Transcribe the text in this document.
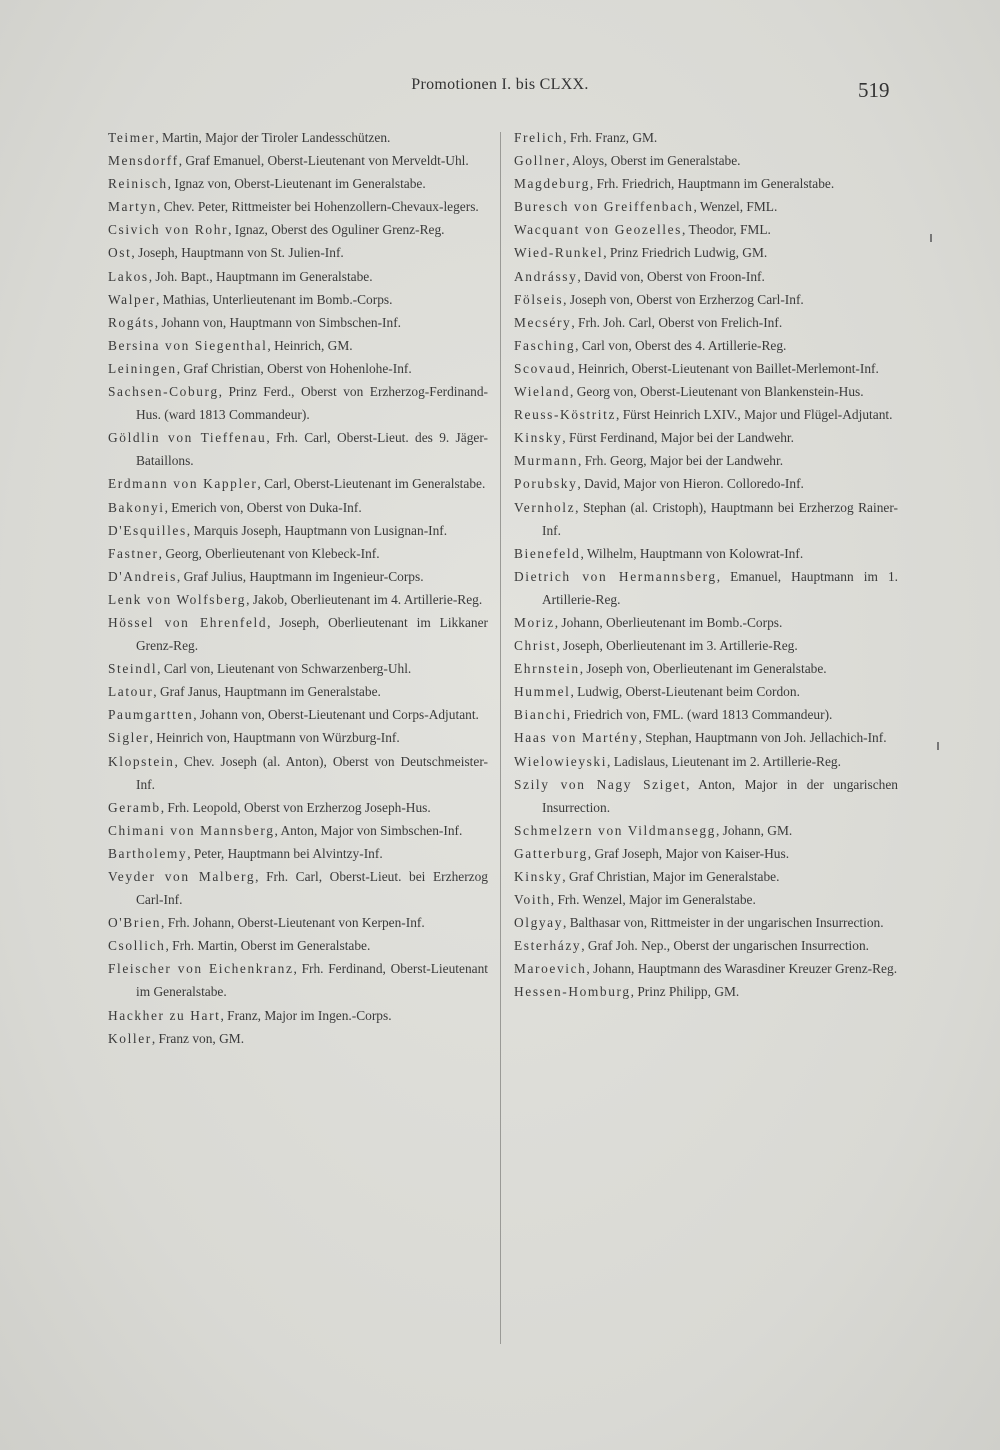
Promotionen I. bis CLXX.	519
Teimer, Martin, Major der Tiroler Landesschützen.
Mensdorff, Graf Emanuel, Oberst-Lieutenant von Merveldt-Uhl.
Reinisch, Ignaz von, Oberst-Lieutenant im Generalstabe.
Martyn, Chev. Peter, Rittmeister bei Hohenzollern-Chevaux-legers.
Csivich von Rohr, Ignaz, Oberst des Oguliner Grenz-Reg.
Ost, Joseph, Hauptmann von St. Julien-Inf.
Lakos, Joh. Bapt., Hauptmann im Generalstabe.
Walper, Mathias, Unterlieutenant im Bomb.-Corps.
Rogáts, Johann von, Hauptmann von Simbschen-Inf.
Bersina von Siegenthal, Heinrich, GM.
Leiningen, Graf Christian, Oberst von Hohenlohe-Inf.
Sachsen-Coburg, Prinz Ferd., Oberst von Erzherzog-Ferdinand-Hus. (ward 1813 Commandeur).
Göldlin von Tieffenau, Frh. Carl, Oberst-Lieut. des 9. Jäger-Bataillons.
Erdmann von Kappler, Carl, Oberst-Lieutenant im Generalstabe.
Bakonyi, Emerich von, Oberst von Duka-Inf.
D'Esquilles, Marquis Joseph, Hauptmann von Lusignan-Inf.
Fastner, Georg, Oberlieutenant von Klebeck-Inf.
D'Andreis, Graf Julius, Hauptmann im Ingenieur-Corps.
Lenk von Wolfsberg, Jakob, Oberlieutenant im 4. Artillerie-Reg.
Hössel von Ehrenfeld, Joseph, Oberlieutenant im Likkaner Grenz-Reg.
Steindl, Carl von, Lieutenant von Schwarzenberg-Uhl.
Latour, Graf Janus, Hauptmann im Generalstabe.
Paumgartten, Johann von, Oberst-Lieutenant und Corps-Adjutant.
Sigler, Heinrich von, Hauptmann von Würzburg-Inf.
Klopstein, Chev. Joseph (al. Anton), Oberst von Deutschmeister-Inf.
Geramb, Frh. Leopold, Oberst von Erzherzog Joseph-Hus.
Chimani von Mannsberg, Anton, Major von Simbschen-Inf.
Bartholemy, Peter, Hauptmann bei Alvintzy-Inf.
Veyder von Malberg, Frh. Carl, Oberst-Lieut. bei Erzherzog Carl-Inf.
O'Brien, Frh. Johann, Oberst-Lieutenant von Kerpen-Inf.
Csollich, Frh. Martin, Oberst im Generalstabe.
Fleischer von Eichenkranz, Frh. Ferdinand, Oberst-Lieutenant im Generalstabe.
Hackher zu Hart, Franz, Major im Ingen.-Corps.
Koller, Franz von, GM.
Frelich, Frh. Franz, GM.
Gollner, Aloys, Oberst im Generalstabe.
Magdeburg, Frh. Friedrich, Hauptmann im Generalstabe.
Buresch von Greiffenbach, Wenzel, FML.
Wacquant von Geozelles, Theodor, FML.
Wied-Runkel, Prinz Friedrich Ludwig, GM.
Andrássy, David von, Oberst von Froon-Inf.
Fölseis, Joseph von, Oberst von Erzherzog Carl-Inf.
Mecséry, Frh. Joh. Carl, Oberst von Frelich-Inf.
Fasching, Carl von, Oberst des 4. Artillerie-Reg.
Scovaud, Heinrich, Oberst-Lieutenant von Baillet-Merlemont-Inf.
Wieland, Georg von, Oberst-Lieutenant von Blankenstein-Hus.
Reuss-Köstritz, Fürst Heinrich LXIV., Major und Flügel-Adjutant.
Kinsky, Fürst Ferdinand, Major bei der Landwehr.
Murmann, Frh. Georg, Major bei der Landwehr.
Porubsky, David, Major von Hieron. Colloredo-Inf.
Vernholz, Stephan (al. Cristoph), Hauptmann bei Erzherzog Rainer-Inf.
Bienefeld, Wilhelm, Hauptmann von Kolowrat-Inf.
Dietrich von Hermannsberg, Emanuel, Hauptmann im 1. Artillerie-Reg.
Moriz, Johann, Oberlieutenant im Bomb.-Corps.
Christ, Joseph, Oberlieutenant im 3. Artillerie-Reg.
Ehrnstein, Joseph von, Oberlieutenant im Generalstabe.
Hummel, Ludwig, Oberst-Lieutenant beim Cordon.
Bianchi, Friedrich von, FML. (ward 1813 Commandeur).
Haas von Martény, Stephan, Hauptmann von Joh. Jellachich-Inf.
Wielowieyski, Ladislaus, Lieutenant im 2. Artillerie-Reg.
Szily von Nagy Sziget, Anton, Major in der ungarischen Insurrection.
Schmelzern von Vildmansegg, Johann, GM.
Gatterburg, Graf Joseph, Major von Kaiser-Hus.
Kinsky, Graf Christian, Major im Generalstabe.
Voith, Frh. Wenzel, Major im Generalstabe.
Olgyay, Balthasar von, Rittmeister in der ungarischen Insurrection.
Esterházy, Graf Joh. Nep., Oberst der ungarischen Insurrection.
Maroevich, Johann, Hauptmann des Warasdiner Kreuzer Grenz-Reg.
Hessen-Homburg, Prinz Philipp, GM.
